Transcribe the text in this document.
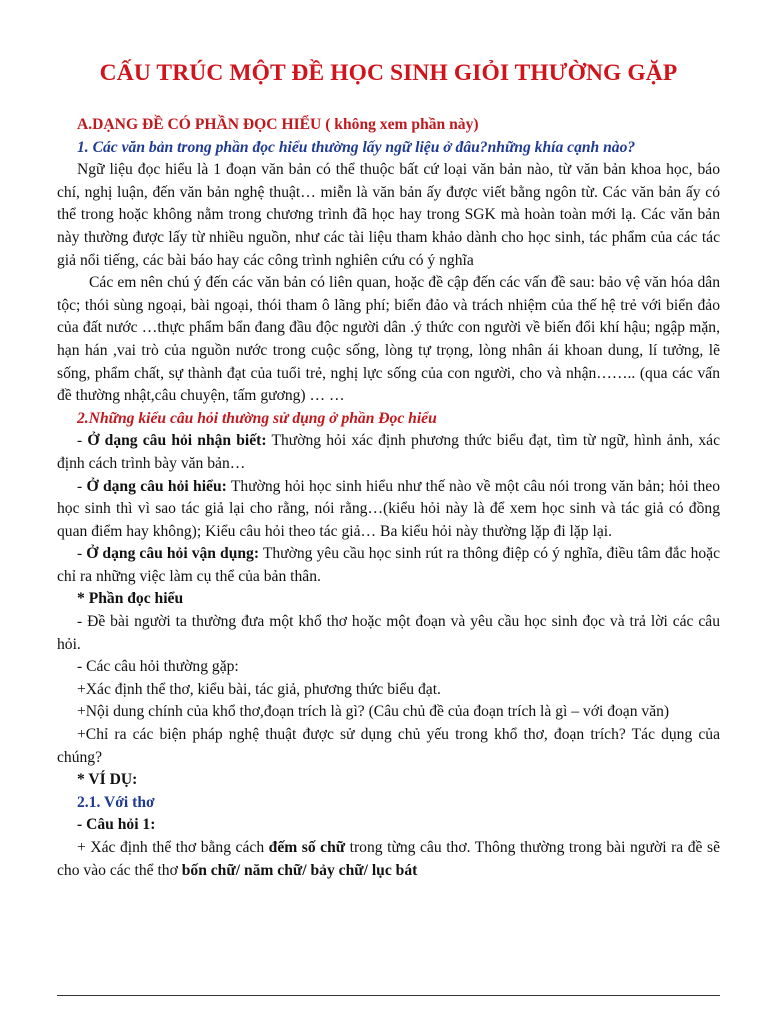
CẤU TRÚC MỘT ĐỀ HỌC SINH GIỎI THƯỜNG GẶP

A.DẠNG ĐỀ CÓ PHẦN ĐỌC HIỂU ( không xem phần này)

1. Các văn bản trong phần đọc hiểu thường lấy ngữ liệu ở đâu?những khía cạnh nào?

Ngữ liệu đọc hiểu là 1 đoạn văn bản có thể thuộc bất cứ loại văn bản nào, từ văn bản khoa học, báo chí, nghị luận, đến văn bản nghệ thuật… miễn là văn bản ấy được viết bằng ngôn từ. Các văn bản ấy có thể trong hoặc không nằm trong chương trình đã học hay trong SGK mà hoàn toàn mới lạ. Các văn bản này thường được lấy từ nhiều nguồn, như các tài liệu tham khảo dành cho học sinh, tác phẩm của các tác giả nổi tiếng, các bài báo hay các công trình nghiên cứu có ý nghĩa

Các em nên chú ý đến các văn bản có liên quan, hoặc đề cập đến các vấn đề sau: bảo vệ văn hóa dân tộc; thói sùng ngoại, bài ngoại, thói tham ô lãng phí; biển đảo và trách nhiệm của thế hệ trẻ với biển đảo của đất nước …thực phẩm bẩn đang đầu độc người dân .ý thức con người về biến đổi khí hậu; ngập mặn, hạn hán ,vai trò của nguồn nước trong cuộc sống, lòng tự trọng, lòng nhân ái khoan dung, lí tưởng, lẽ sống, phẩm chất, sự thành đạt của tuổi trẻ, nghị lực sống của con người, cho và nhận…….. (qua các vấn đề thường nhật,câu chuyện, tấm gương) … …

2.Những kiểu câu hỏi thường sử dụng ở phần Đọc hiểu

- Ở dạng câu hỏi nhận biết: Thường hỏi xác định phương thức biểu đạt, tìm từ ngữ, hình ảnh, xác định cách trình bày văn bản…

- Ở dạng câu hỏi hiểu: Thường hỏi học sinh hiểu như thế nào về một câu nói trong văn bản; hỏi theo học sinh thì vì sao tác giả lại cho rằng, nói rằng…(kiểu hỏi này là để xem học sinh và tác giả có đồng quan điểm hay không); Kiểu câu hỏi theo tác giả… Ba kiểu hỏi này thường lặp đi lặp lại.

- Ở dạng câu hỏi vận dụng: Thường yêu cầu học sinh rút ra thông điệp có ý nghĩa, điều tâm đắc hoặc chỉ ra những việc làm cụ thể của bản thân.

* Phần đọc hiểu

- Đề bài người ta thường đưa một khổ thơ hoặc một đoạn và yêu cầu học sinh đọc và trả lời các câu hỏi.

- Các câu hỏi thường gặp:

+Xác định thể thơ, kiểu bài, tác giả, phương thức biểu đạt.

+Nội dung chính của khổ thơ,đoạn trích là gì? (Câu chủ đề của đoạn trích là gì – với đoạn văn)

+Chỉ ra các biện pháp nghệ thuật được sử dụng chủ yếu trong khổ thơ, đoạn trích? Tác dụng của chúng?

* VÍ DỤ:

2.1. Với thơ

- Câu hỏi 1:

+ Xác định thể thơ bằng cách đếm số chữ trong từng câu thơ. Thông thường trong bài người ra đề sẽ cho vào các thể thơ bốn chữ/ năm chữ/ bảy chữ/ lục bát
